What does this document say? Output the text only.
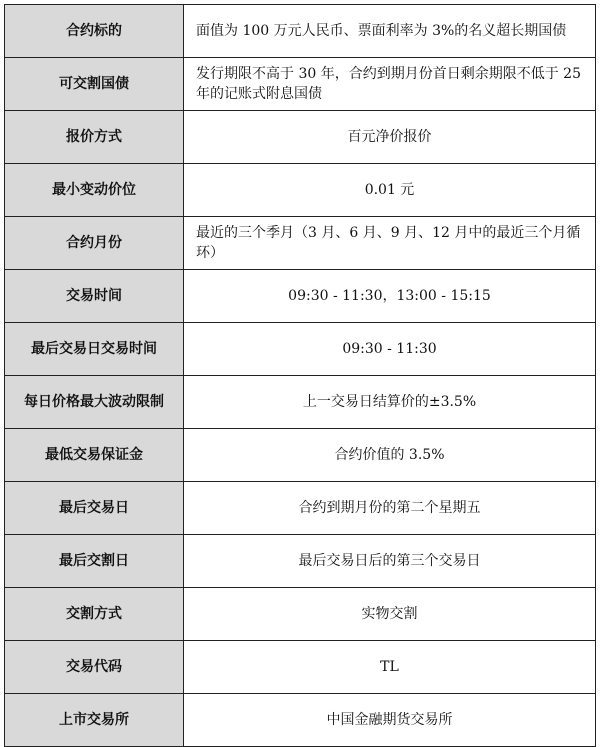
合约标的	面值为 100 万元人民币、票面利率为 3%的名义超长期国债
可交割国债	发行期限不高于 30 年，合约到期月份首日剩余期限不低于 25 年的记账式附息国债
报价方式	百元净价报价
最小变动价位	0.01 元
合约月份	最近的三个季月（3 月、6 月、9 月、12 月中的最近三个月循环）
交易时间	09:30 - 11:30，13:00 - 15:15
最后交易日交易时间	09:30 - 11:30
每日价格最大波动限制	上一交易日结算价的±3.5%
最低交易保证金	合约价值的 3.5%
最后交易日	合约到期月份的第二个星期五
最后交割日	最后交易日后的第三个交易日
交割方式	实物交割
交易代码	TL
上市交易所	中国金融期货交易所
